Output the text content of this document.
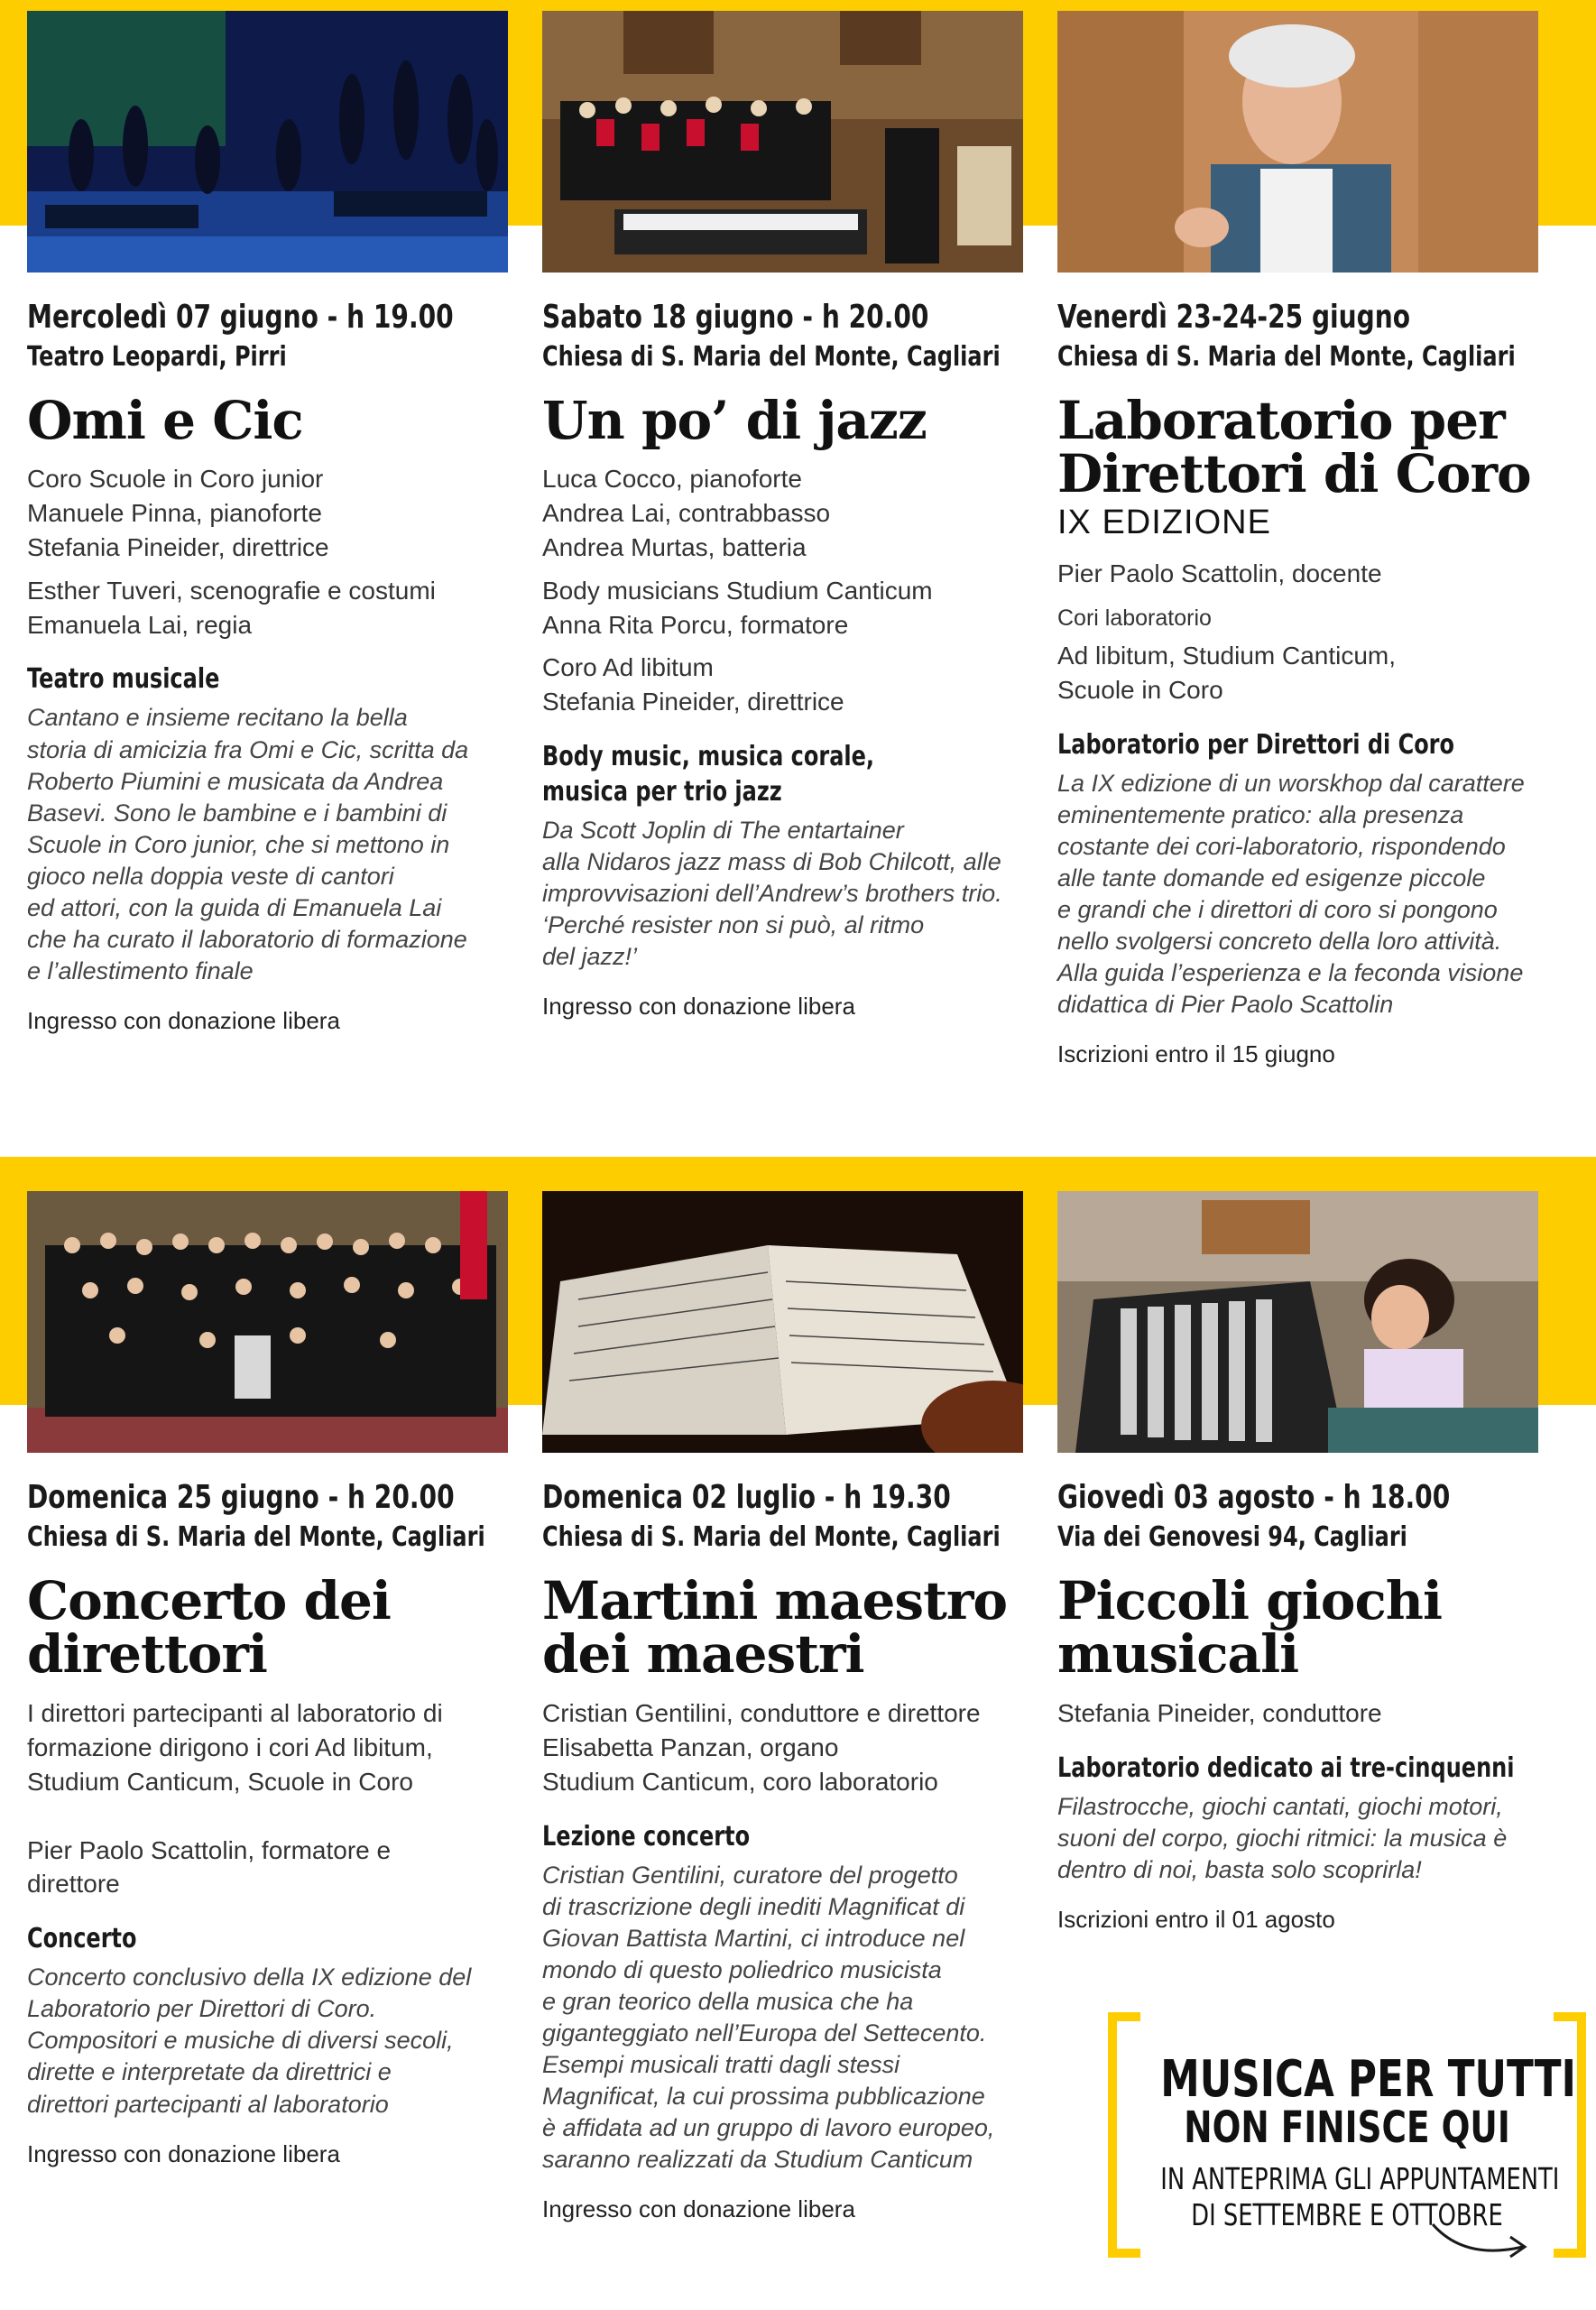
Mercoledì 07 giugno - h 19.00
Teatro Leopardi, Pirri
Omi e Cic
Coro Scuole in Coro junior
Manuele Pinna, pianoforte
Stefania Pineider, direttrice
Esther Tuveri, scenografie e costumi
Emanuela Lai, regia
Teatro musicale
Cantano e insieme recitano la bella
storia di amicizia fra Omi e Cic, scritta da
Roberto Piumini e musicata da Andrea
Basevi. Sono le bambine e i bambini di
Scuole in Coro junior, che si mettono in
gioco nella doppia veste di cantori
ed attori, con la guida di Emanuela Lai
che ha curato il laboratorio di formazione
e l’allestimento finale
Ingresso con donazione libera
Sabato 18 giugno - h 20.00
Chiesa di S. Maria del Monte, Cagliari
Un po’ di jazz
Luca Cocco, pianoforte
Andrea Lai, contrabbasso
Andrea Murtas, batteria
Body musicians Studium Canticum
Anna Rita Porcu, formatore
Coro Ad libitum
Stefania Pineider, direttrice
Body music, musica corale,
musica per trio jazz
Da Scott Joplin di The entartainer
alla Nidaros jazz mass di Bob Chilcott, alle
improvvisazioni dell’Andrew’s brothers trio.
‘Perché resister non si può, al ritmo
del jazz!’
Ingresso con donazione libera
Venerdì 23-24-25 giugno
Chiesa di S. Maria del Monte, Cagliari
Laboratorio per
Direttori di Coro
IX EDIZIONE
Pier Paolo Scattolin, docente
Cori laboratorio
Ad libitum, Studium Canticum,
Scuole in Coro
Laboratorio per Direttori di Coro
La IX edizione di un worskhop dal carattere
eminentemente pratico: alla presenza
costante dei cori-laboratorio, rispondendo
alle tante domande ed esigenze piccole
e grandi che i direttori di coro si pongono
nello svolgersi concreto della loro attività.
Alla guida l’esperienza e la feconda visione
didattica di Pier Paolo Scattolin
Iscrizioni entro il 15 giugno
Domenica 25 giugno - h 20.00
Chiesa di S. Maria del Monte, Cagliari
Concerto dei
direttori
I direttori partecipanti al laboratorio di
formazione dirigono i cori Ad libitum,
Studium Canticum, Scuole in Coro
Pier Paolo Scattolin, formatore e
direttore
Concerto
Concerto conclusivo della IX edizione del
Laboratorio per Direttori di Coro.
Compositori e musiche di diversi secoli,
dirette e interpretate da direttrici e
direttori partecipanti al laboratorio
Ingresso con donazione libera
Domenica 02 luglio - h 19.30
Chiesa di S. Maria del Monte, Cagliari
Martini maestro
dei maestri
Cristian Gentilini, conduttore e direttore
Elisabetta Panzan, organo
Studium Canticum, coro laboratorio
Lezione concerto
Cristian Gentilini, curatore del progetto
di trascrizione degli inediti Magnificat di
Giovan Battista Martini, ci introduce nel
mondo di questo poliedrico musicista
e gran teorico della musica che ha
giganteggiato nell’Europa del Settecento.
Esempi musicali tratti dagli stessi
Magnificat, la cui prossima pubblicazione
è affidata ad un gruppo di lavoro europeo,
saranno realizzati da Studium Canticum
Ingresso con donazione libera
Giovedì 03 agosto - h 18.00
Via dei Genovesi 94, Cagliari
Piccoli giochi
musicali
Stefania Pineider, conduttore
Laboratorio dedicato ai tre-cinquenni
Filastrocche, giochi cantati, giochi motori,
suoni del corpo, giochi ritmici: la musica è
dentro di noi, basta solo scoprirla!
Iscrizioni entro il 01 agosto
MUSICA PER TUTTI
NON FINISCE QUI
IN ANTEPRIMA GLI APPUNTAMENTI
DI SETTEMBRE E OTTOBRE
